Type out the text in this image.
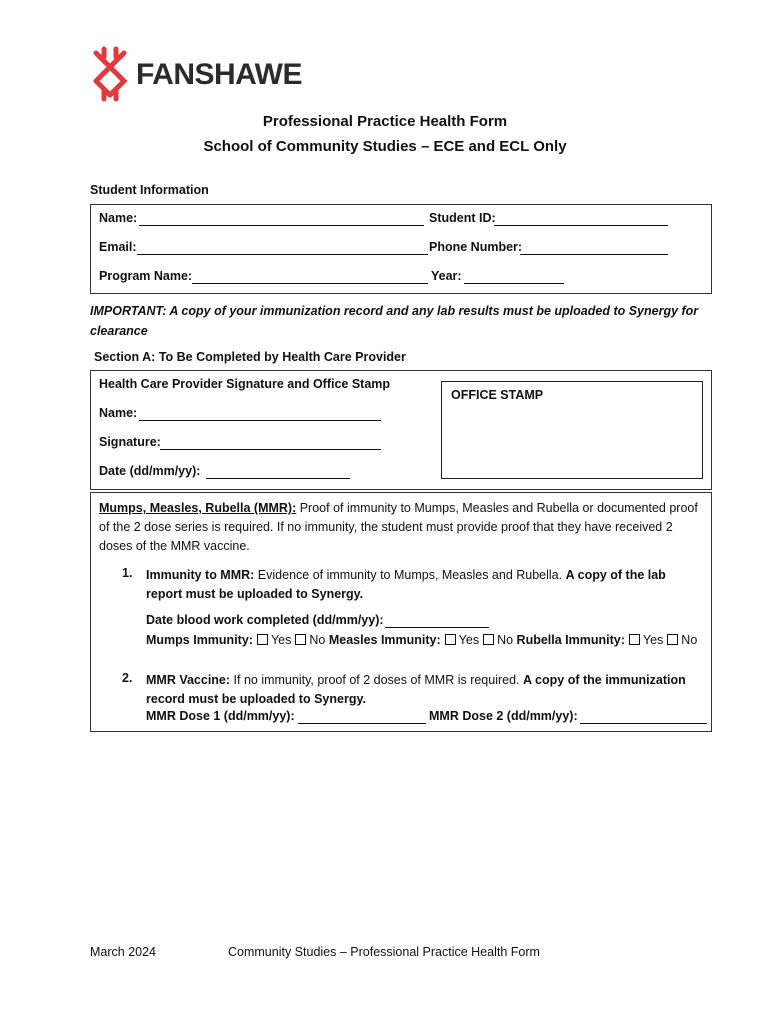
FANSHAWE
Professional Practice Health Form
School of Community Studies – ECE and ECL Only
Student Information
Name:	Student ID:
Email:	Phone Number:
Program Name:	Year:
IMPORTANT: A copy of your immunization record and any lab results must be uploaded to Synergy for clearance
Section A: To Be Completed by Health Care Provider
Health Care Provider Signature and Office Stamp
Name:
Signature:
Date (dd/mm/yy):
OFFICE STAMP
Mumps, Measles, Rubella (MMR): Proof of immunity to Mumps, Measles and Rubella or documented proof of the 2 dose series is required. If no immunity, the student must provide proof that they have received 2 doses of the MMR vaccine.
1. Immunity to MMR: Evidence of immunity to Mumps, Measles and Rubella. A copy of the lab report must be uploaded to Synergy.
Date blood work completed (dd/mm/yy):
Mumps Immunity: Yes No Measles Immunity: Yes No Rubella Immunity: Yes No
2. MMR Vaccine: If no immunity, proof of 2 doses of MMR is required. A copy of the immunization record must be uploaded to Synergy.
MMR Dose 1 (dd/mm/yy):	MMR Dose 2 (dd/mm/yy):
March 2024	Community Studies – Professional Practice Health Form
